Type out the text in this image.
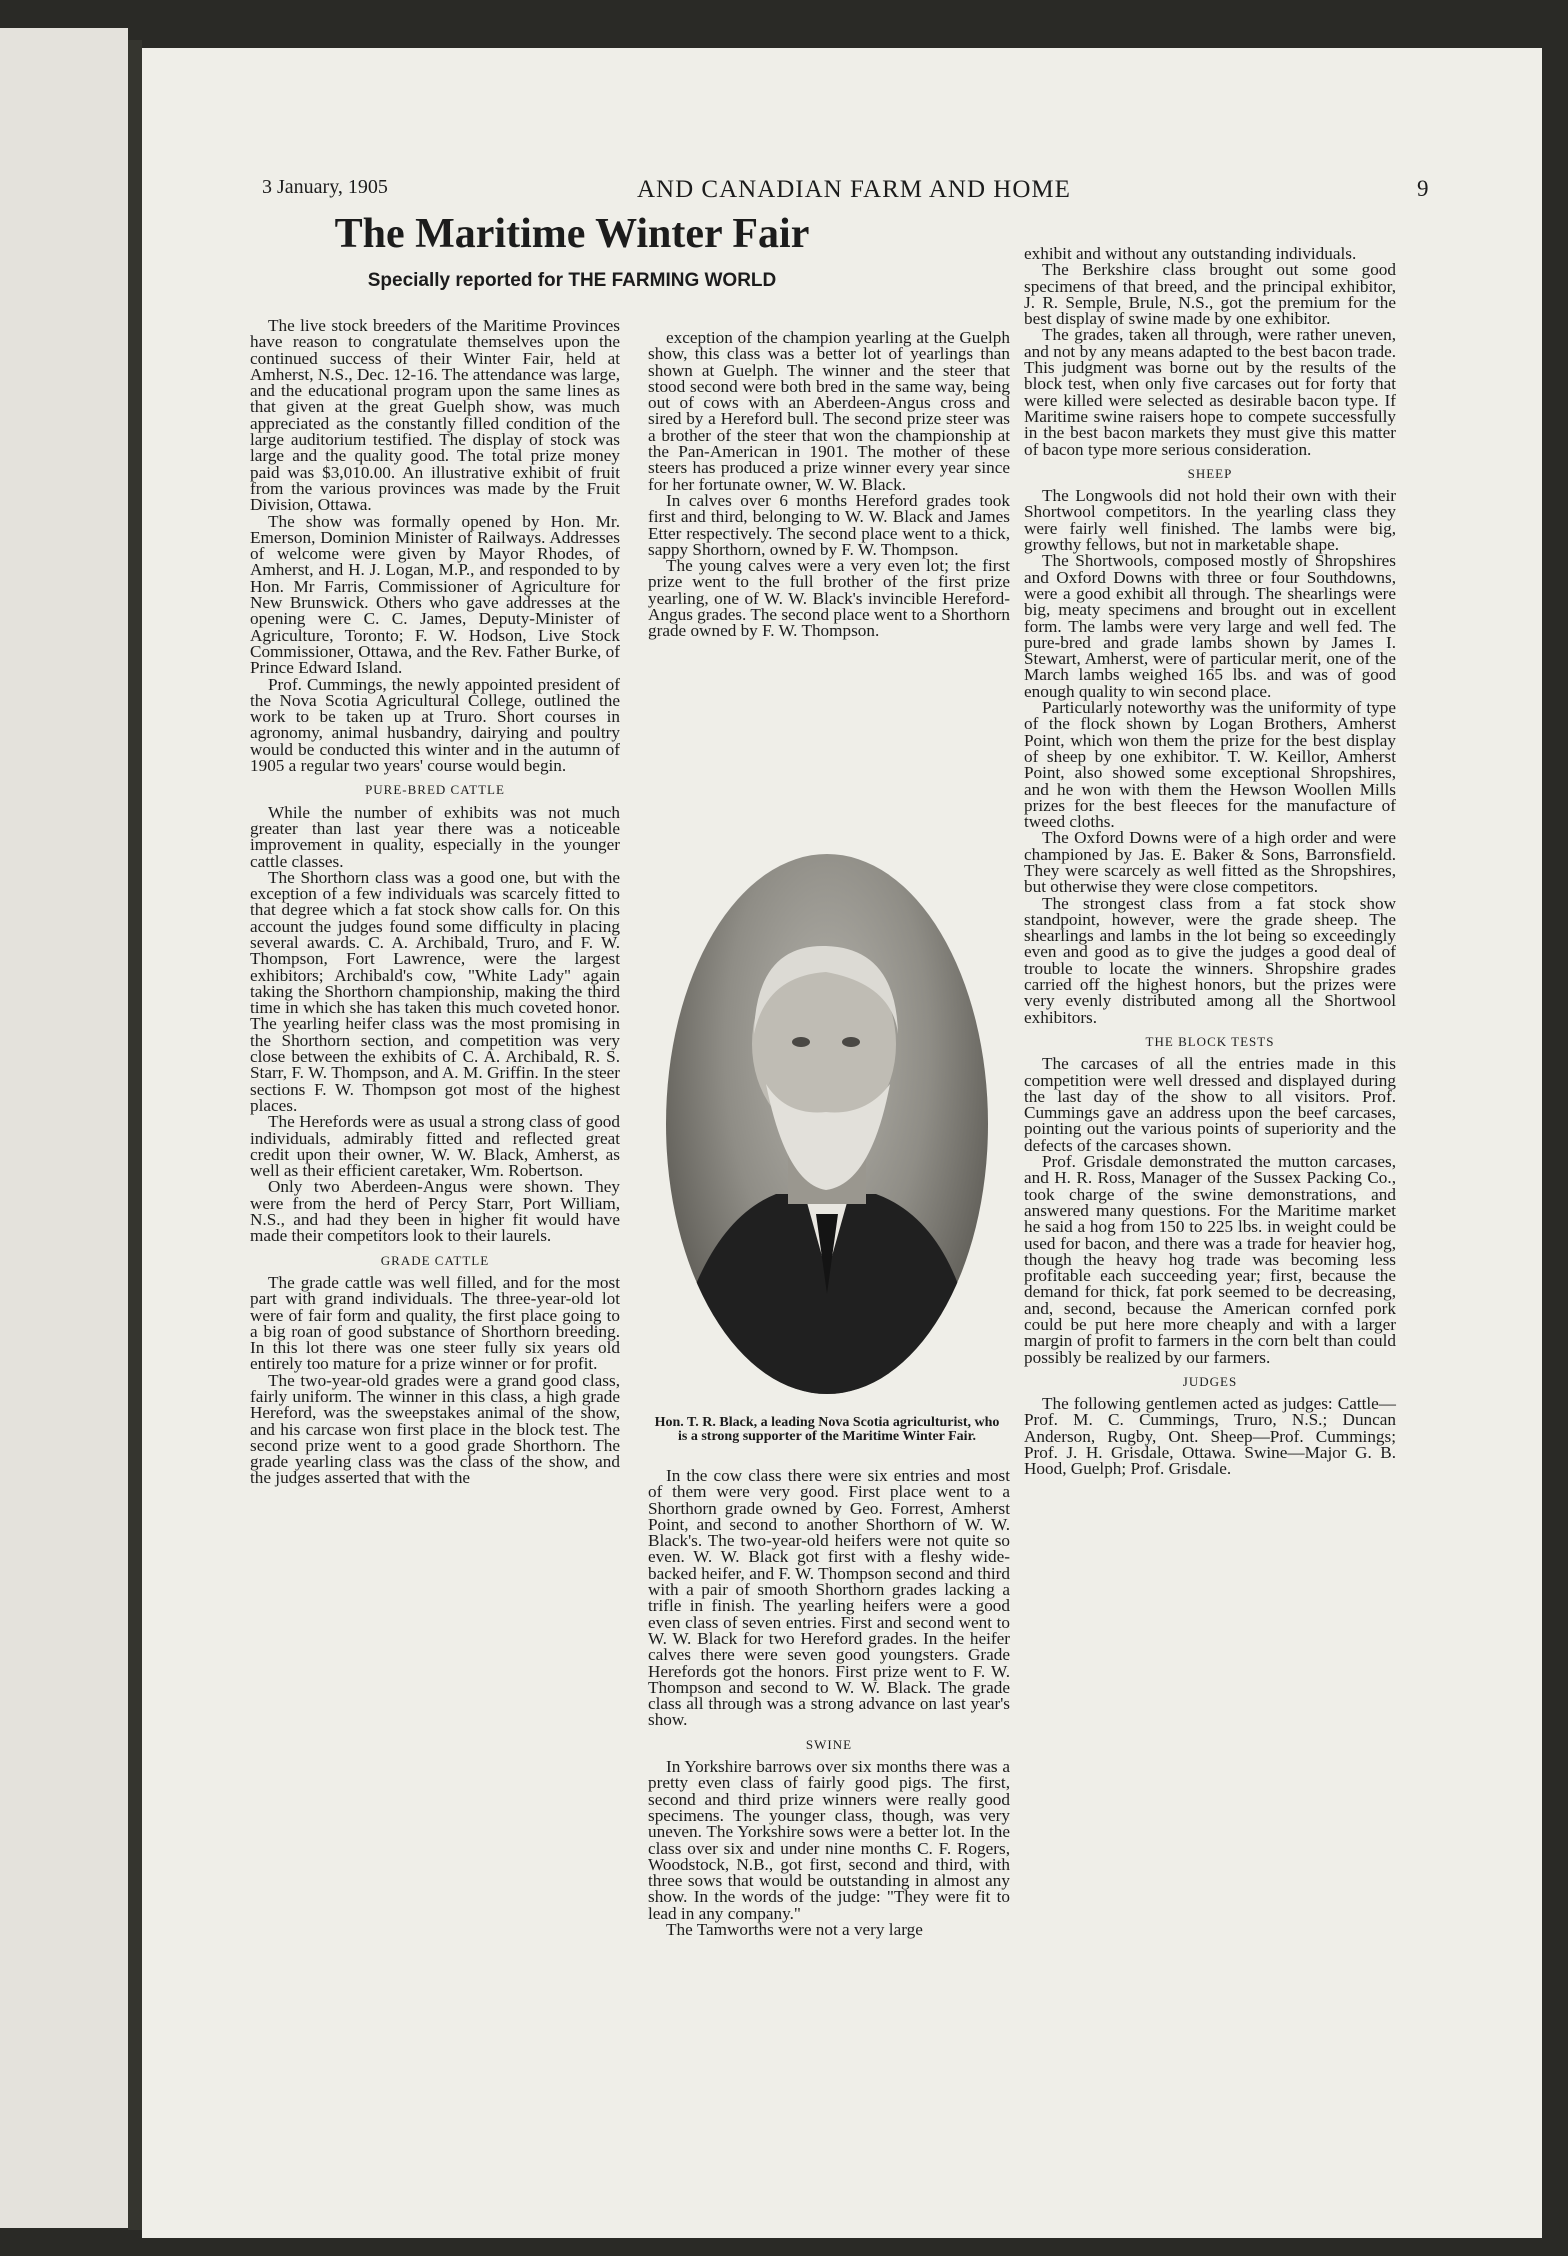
3 January, 1905	AND CANADIAN FARM AND HOME	9
The Maritime Winter Fair
Specially reported for THE FARMING WORLD

The live stock breeders of the Maritime Provinces have reason to congratulate themselves upon the continued success of their Winter Fair, held at Amherst, N.S., Dec. 12-16. The attendance was large, and the educational program upon the same lines as that given at the great Guelph show, was much appreciated as the constantly filled condition of the large auditorium testified. The display of stock was large and the quality good. The total prize money paid was $3,010.00. An illustrative exhibit of fruit from the various provinces was made by the Fruit Division, Ottawa.

The show was formally opened by Hon. Mr. Emerson, Dominion Minister of Railways. Addresses of welcome were given by Mayor Rhodes, of Amherst, and H. J. Logan, M.P., and responded to by Hon. Mr Farris, Commissioner of Agriculture for New Brunswick. Others who gave addresses at the opening were C. C. James, Deputy-Minister of Agriculture, Toronto; F. W. Hodson, Live Stock Commissioner, Ottawa, and the Rev. Father Burke, of Prince Edward Island.

Prof. Cummings, the newly appointed president of the Nova Scotia Agricultural College, outlined the work to be taken up at Truro. Short courses in agronomy, animal husbandry, dairying and poultry would be conducted this winter and in the autumn of 1905 a regular two years' course would begin.

PURE-BRED CATTLE

While the number of exhibits was not much greater than last year there was a noticeable improvement in quality, especially in the younger cattle classes.

The Shorthorn class was a good one, but with the exception of a few individuals was scarcely fitted to that degree which a fat stock show calls for. On this account the judges found some difficulty in placing several awards. C. A. Archibald, Truro, and F. W. Thompson, Fort Lawrence, were the largest exhibitors; Archibald's cow, "White Lady" again taking the Shorthorn championship, making the third time in which she has taken this much coveted honor. The yearling heifer class was the most promising in the Shorthorn section, and competition was very close between the exhibits of C. A. Archibald, R. S. Starr, F. W. Thompson, and A. M. Griffin. In the steer sections F. W. Thompson got most of the highest places.

The Herefords were as usual a strong class of good individuals, admirably fitted and reflected great credit upon their owner, W. W. Black, Amherst, as well as their efficient caretaker, Wm. Robertson.

Only two Aberdeen-Angus were shown. They were from the herd of Percy Starr, Port William, N.S., and had they been in higher fit would have made their competitors look to their laurels.

GRADE CATTLE

The grade cattle was well filled, and for the most part with grand individuals. The three-year-old lot were of fair form and quality, the first place going to a big roan of good substance of Shorthorn breeding. In this lot there was one steer fully six years old entirely too mature for a prize winner or for profit.

The two-year-old grades were a grand good class, fairly uniform. The winner in this class, a high grade Hereford, was the sweepstakes animal of the show, and his carcase won first place in the block test. The second prize went to a good grade Shorthorn. The grade yearling class was the class of the show, and the judges asserted that with the

exception of the champion yearling at the Guelph show, this class was a better lot of yearlings than shown at Guelph. The winner and the steer that stood second were both bred in the same way, being out of cows with an Aberdeen-Angus cross and sired by a Hereford bull. The second prize steer was a brother of the steer that won the championship at the Pan-American in 1901. The mother of these steers has produced a prize winner every year since for her fortunate owner, W. W. Black.

In calves over 6 months Hereford grades took first and third, belonging to W. W. Black and James Etter respectively. The second place went to a thick, sappy Shorthorn, owned by F. W. Thompson.

The young calves were a very even lot; the first prize went to the full brother of the first prize yearling, one of W. W. Black's invincible Hereford-Angus grades. The second place went to a Shorthorn grade owned by F. W. Thompson.

Hon. T. R. Black, a leading Nova Scotia agriculturist, who is a strong supporter of the Maritime Winter Fair.

In the cow class there were six entries and most of them were very good. First place went to a Shorthorn grade owned by Geo. Forrest, Amherst Point, and second to another Shorthorn of W. W. Black's. The two-year-old heifers were not quite so even. W. W. Black got first with a fleshy wide-backed heifer, and F. W. Thompson second and third with a pair of smooth Shorthorn grades lacking a trifle in finish. The yearling heifers were a good even class of seven entries. First and second went to W. W. Black for two Hereford grades. In the heifer calves there were seven good youngsters. Grade Herefords got the honors. First prize went to F. W. Thompson and second to W. W. Black. The grade class all through was a strong advance on last year's show.

SWINE

In Yorkshire barrows over six months there was a pretty even class of fairly good pigs. The first, second and third prize winners were really good specimens. The younger class, though, was very uneven. The Yorkshire sows were a better lot. In the class over six and under nine months C. F. Rogers, Woodstock, N.B., got first, second and third, with three sows that would be outstanding in almost any show. In the words of the judge: "They were fit to lead in any company."

The Tamworths were not a very large

exhibit and without any outstanding individuals.

The Berkshire class brought out some good specimens of that breed, and the principal exhibitor, J. R. Semple, Brule, N.S., got the premium for the best display of swine made by one exhibitor.

The grades, taken all through, were rather uneven, and not by any means adapted to the best bacon trade. This judgment was borne out by the results of the block test, when only five carcases out for forty that were killed were selected as desirable bacon type. If Maritime swine raisers hope to compete successfully in the best bacon markets they must give this matter of bacon type more serious consideration.

SHEEP

The Longwools did not hold their own with their Shortwool competitors. In the yearling class they were fairly well finished. The lambs were big, growthy fellows, but not in marketable shape.

The Shortwools, composed mostly of Shropshires and Oxford Downs with three or four Southdowns, were a good exhibit all through. The shearlings were big, meaty specimens and brought out in excellent form. The lambs were very large and well fed. The pure-bred and grade lambs shown by James I. Stewart, Amherst, were of particular merit, one of the March lambs weighed 165 lbs. and was of good enough quality to win second place.

Particularly noteworthy was the uniformity of type of the flock shown by Logan Brothers, Amherst Point, which won them the prize for the best display of sheep by one exhibitor. T. W. Keillor, Amherst Point, also showed some exceptional Shropshires, and he won with them the Hewson Woollen Mills prizes for the best fleeces for the manufacture of tweed cloths.

The Oxford Downs were of a high order and were championed by Jas. E. Baker & Sons, Barronsfield. They were scarcely as well fitted as the Shropshires, but otherwise they were close competitors.

The strongest class from a fat stock show standpoint, however, were the grade sheep. The shearlings and lambs in the lot being so exceedingly even and good as to give the judges a good deal of trouble to locate the winners. Shropshire grades carried off the highest honors, but the prizes were very evenly distributed among all the Shortwool exhibitors.

THE BLOCK TESTS

The carcases of all the entries made in this competition were well dressed and displayed during the last day of the show to all visitors. Prof. Cummings gave an address upon the beef carcases, pointing out the various points of superiority and the defects of the carcases shown.

Prof. Grisdale demonstrated the mutton carcases, and H. R. Ross, Manager of the Sussex Packing Co., took charge of the swine demonstrations, and answered many questions. For the Maritime market he said a hog from 150 to 225 lbs. in weight could be used for bacon, and there was a trade for heavier hog, though the heavy hog trade was becoming less profitable each succeeding year; first, because the demand for thick, fat pork seemed to be decreasing, and, second, because the American cornfed pork could be put here more cheaply and with a larger margin of profit to farmers in the corn belt than could possibly be realized by our farmers.

JUDGES

The following gentlemen acted as judges: Cattle—Prof. M. C. Cummings, Truro, N.S.; Duncan Anderson, Rugby, Ont. Sheep—Prof. Cummings; Prof. J. H. Grisdale, Ottawa. Swine—Major G. B. Hood, Guelph; Prof. Grisdale.
